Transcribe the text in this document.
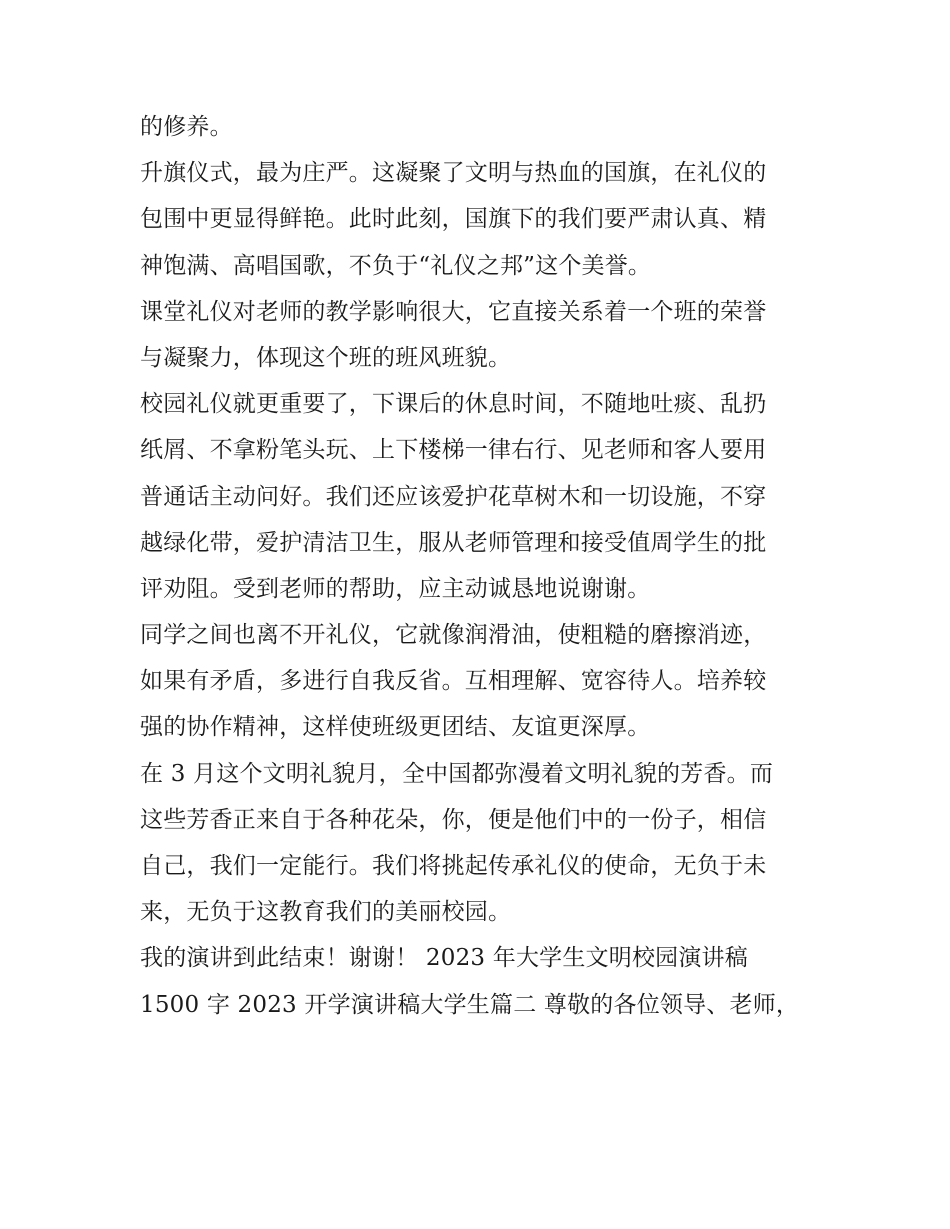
的修养。
升旗仪式，最为庄严。这凝聚了文明与热血的国旗，在礼仪的
包围中更显得鲜艳。此时此刻，国旗下的我们要严肃认真、精
神饱满、高唱国歌，不负于“礼仪之邦”这个美誉。
课堂礼仪对老师的教学影响很大，它直接关系着一个班的荣誉
与凝聚力，体现这个班的班风班貌。
校园礼仪就更重要了，下课后的休息时间，不随地吐痰、乱扔
纸屑、不拿粉笔头玩、上下楼梯一律右行、见老师和客人要用
普通话主动问好。我们还应该爱护花草树木和一切设施，不穿
越绿化带，爱护清洁卫生，服从老师管理和接受值周学生的批
评劝阻。受到老师的帮助，应主动诚恳地说谢谢。
同学之间也离不开礼仪，它就像润滑油，使粗糙的磨擦消迹，
如果有矛盾，多进行自我反省。互相理解、宽容待人。培养较
强的协作精神，这样使班级更团结、友谊更深厚。
在 3 月这个文明礼貌月，全中国都弥漫着文明礼貌的芳香。而
这些芳香正来自于各种花朵，你，便是他们中的一份子，相信
自己，我们一定能行。我们将挑起传承礼仪的使命，无负于未
来，无负于这教育我们的美丽校园。
我的演讲到此结束！谢谢！ 2023 年大学生文明校园演讲稿
1500 字 2023 开学演讲稿大学生篇二 尊敬的各位领导、老师，
